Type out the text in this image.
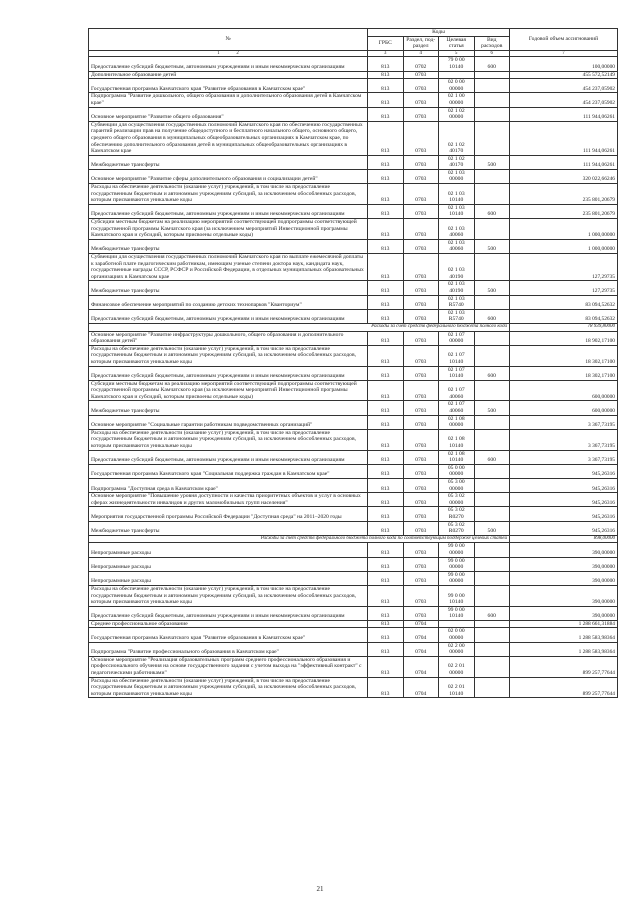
№	Коды				Годовой объем ассигнований
	ГРБС	Раздел, под-раздел	Целевая статья	Вид расходов	
1 2	3	4	5	6	7
Предоставление субсидий бюджетным, автономным учреждениям и иным некоммерческим организациям	813	0702	79 0 00 10140	600	100,00000
Дополнительное образование детей	813	0703			455 572,52149
Государственная программа Камчатского края "Развитие образования в Камчатском крае"	813	0703	02 0 00 00000		454 237,05902
Подпрограмма "Развитие дошкольного, общего образования и дополнительного образования детей в Камчатском крае"	813	0703	02 1 00 00000		454 237,05902
Основное мероприятие "Развитие общего образования"	813	0703	02 1 02 00000		111 944,06261
Субвенции для осуществления государственных полномочий Камчатского края по обеспечению государственных гарантий реализации прав на получение общедоступного и бесплатного начального общего, основного общего, среднего общего образования в муниципальных общеобразовательных организациях в Камчатском крае, по обеспечению дополнительного образования детей в муниципальных общеобразовательных организациях в Камчатском крае	813	0703	02 1 02 40170		111 944,06261
Межбюджетные трансферты	813	0703	02 1 02 40170	500	111 944,06261
Основное мероприятие "Развитие сферы дополнительного образования и социализации детей"	813	0703	02 1 03 00000		320 022,66246
Расходы на обеспечение деятельности (оказание услуг) учреждений, в том числе на предоставление государственным бюджетным и автономным учреждениям субсидий, за исключением обособленных расходов, которым присваиваются уникальные коды	813	0703	02 1 03 10140		235 801,20679
Предоставление субсидий бюджетным, автономным учреждениям и иным некоммерческим организациям	813	0703	02 1 03 10140	600	235 801,20679
Субсидии местным бюджетам на реализацию мероприятий соответствующей подпрограммы соответствующей государственной программы Камчатского края (за исключением мероприятий Инвестиционной программы Камчатского края и субсидий, которым присвоены отдельные коды)	813	0703	02 1 03 40060		1 000,00000
Межбюджетные трансферты	813	0703	02 1 03 40060	500	1 000,00000
Субвенции для осуществления государственных полномочий Камчатского края по выплате ежемесячной доплаты к заработной плате педагогическим работникам, имеющим ученые степени доктора наук, кандидата наук, государственные награды СССР, РСФСР и Российской Федерации, в отдельных муниципальных образовательных организациях в Камчатском крае	813	0703	02 1 03 40190		127,29735
Межбюджетные трансферты	813	0703	02 1 03 40190	500	127,29735
Финансовое обеспечение мероприятий по созданию детских технопарков "Кванториум"	813	0703	02 1 03 R5740		83 094,52632
Предоставление субсидий бюджетным, автономным учреждениям и иным некоммерческим организациям	813	0703	02 1 03 R5740	600	83 094,52632
Расходы за счет средств федерального бюджета полного кода					78 939,80000
Основное мероприятие "Развитие инфраструктуры дошкольного, общего образования и дополнительного образования детей"	813	0703	02 1 07 00000		18 902,17100
Расходы на обеспечение деятельности (оказание услуг) учреждений, в том числе на предоставление государственным бюджетным и автономным учреждениям субсидий, за исключением обособленных расходов, которым присваиваются уникальные коды	813	0703	02 1 07 10140		18 302,17100
Предоставление субсидий бюджетным, автономным учреждениям и иным некоммерческим организациям	813	0703	02 1 07 10140	600	18 302,17100
Субсидии местным бюджетам на реализацию мероприятий соответствующей подпрограммы соответствующей государственной программы Камчатского края (за исключением мероприятий Инвестиционной программы Камчатского края и субсидий, которым присвоены отдельные коды)	813	0703	02 1 07 40060		600,00000
Межбюджетные трансферты	813	0703	02 1 07 40060	500	600,00000
Основное мероприятие "Социальные гарантии работникам подведомственных организаций"	813	0703	02 1 08 00000		3 367,73195
Расходы на обеспечение деятельности (оказание услуг) учреждений, в том числе на предоставление государственным бюджетным и автономным учреждениям субсидий, за исключением обособленных расходов, которым присваиваются уникальные коды	813	0703	02 1 08 10140		3 367,73195
Предоставление субсидий бюджетным, автономным учреждениям и иным некоммерческим организациям	813	0703	02 1 08 10140	600	3 367,73195
Государственная программа Камчатского края "Социальная поддержка граждан в Камчатском крае"	813	0703	05 0 00 00000		945,26316
Подпрограмма "Доступная среда в Камчатском крае"	813	0703	05 3 00 00000		945,26316
Основное мероприятие "Повышение уровня доступности и качества приоритетных объектов и услуг в основных сферах жизнедеятельности инвалидов и других маломобильных групп населения"	813	0703	05 3 02 00000		945,26316
Мероприятия государственной программы Российской Федерации "Доступная среда" на 2011–2020 годы	813	0703	05 3 02 R0270		945,26316
Межбюджетные трансферты	813	0703	05 3 02 R0270	500	945,26316
Расходы за счет средств федерального бюджета полного кода по соответствующим поддержке целевых статей					898,00000
Непрограммные расходы	813	0703	99 0 00 00000		390,00000
Непрограммные расходы	813	0703	99 0 00 00000		390,00000
Непрограммные расходы	813	0703	99 0 00 00000		390,00000
Расходы на обеспечение деятельности (оказание услуг) учреждений, в том числе на предоставление государственным бюджетным и автономным учреждениям субсидий, за исключением обособленных расходов, которым присваиваются уникальные коды	813	0703	99 0 00 10140		390,00000
Предоставление субсидий бюджетным, автономным учреждениям и иным некоммерческим организациям	813	0703	99 0 00 10140	600	390,00000
Среднее профессиональное образование	813	0704			1 288 661,31884
Государственная программа Камчатского края "Развитие образования в Камчатском крае"	813	0704	02 0 00 00000		1 288 583,98364
Подпрограмма "Развитие профессионального образования в Камчатском крае"	813	0704	02 2 00 00000		1 288 583,98364
Основное мероприятие "Реализация образовательных программ среднего профессионального образования и профессионального обучения на основе государственного задания с учетом выхода на "эффективный контракт" с педагогическими работниками"	813	0704	02 2 01 00000		899 257,77644
Расходы на обеспечение деятельности (оказание услуг) учреждений, в том числе на предоставление государственным бюджетным и автономным учреждениям субсидий, за исключением обособленных расходов, которым присваиваются уникальные коды	813	0704	02 2 01 10140		899 257,77644
21
